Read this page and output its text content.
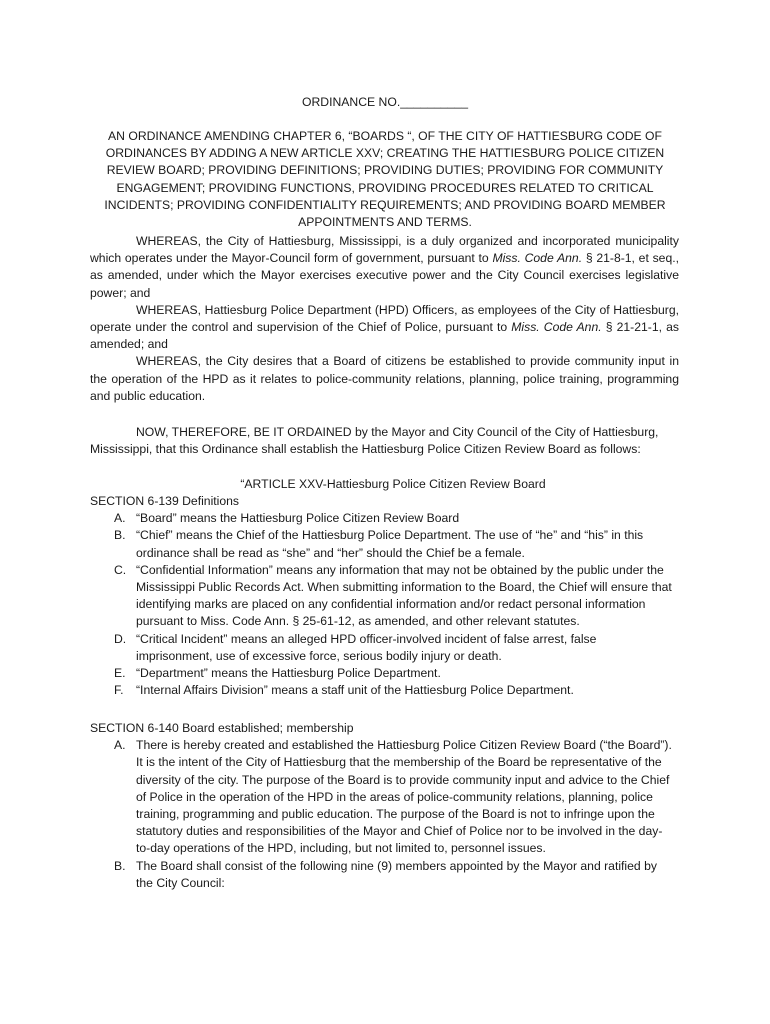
ORDINANCE NO.__________
AN ORDINANCE AMENDING CHAPTER 6, “BOARDS “, OF THE CITY OF HATTIESBURG CODE OF ORDINANCES BY ADDING A NEW ARTICLE XXV; CREATING THE HATTIESBURG POLICE CITIZEN REVIEW BOARD; PROVIDING DEFINITIONS; PROVIDING DUTIES; PROVIDING FOR COMMUNITY ENGAGEMENT; PROVIDING FUNCTIONS, PROVIDING PROCEDURES RELATED TO CRITICAL INCIDENTS; PROVIDING CONFIDENTIALITY REQUIREMENTS; AND PROVIDING BOARD MEMBER APPOINTMENTS AND TERMS.

WHEREAS, the City of Hattiesburg, Mississippi, is a duly organized and incorporated municipality which operates under the Mayor-Council form of government, pursuant to Miss. Code Ann. § 21-8-1, et seq., as amended, under which the Mayor exercises executive power and the City Council exercises legislative power; and

WHEREAS, Hattiesburg Police Department (HPD) Officers, as employees of the City of Hattiesburg, operate under the control and supervision of the Chief of Police, pursuant to Miss. Code Ann. § 21-21-1, as amended; and

WHEREAS, the City desires that a Board of citizens be established to provide community input in the operation of the HPD as it relates to police-community relations, planning, police training, programming and public education.

NOW, THEREFORE, BE IT ORDAINED by the Mayor and City Council of the City of Hattiesburg, Mississippi, that this Ordinance shall establish the Hattiesburg Police Citizen Review Board as follows:
“ARTICLE XXV-Hattiesburg Police Citizen Review Board
SECTION 6-139 Definitions
A. “Board” means the Hattiesburg Police Citizen Review Board
B. “Chief” means the Chief of the Hattiesburg Police Department. The use of “he” and “his” in this ordinance shall be read as “she” and “her” should the Chief be a female.
C. “Confidential Information” means any information that may not be obtained by the public under the Mississippi Public Records Act. When submitting information to the Board, the Chief will ensure that identifying marks are placed on any confidential information and/or redact personal information pursuant to Miss. Code Ann. § 25-61-12, as amended, and other relevant statutes.
D. “Critical Incident” means an alleged HPD officer-involved incident of false arrest, false imprisonment, use of excessive force, serious bodily injury or death.
E. “Department” means the Hattiesburg Police Department.
F.	“Internal Affairs Division” means a staff unit of the Hattiesburg Police Department.
SECTION 6-140 Board established; membership
A. There is hereby created and established the Hattiesburg Police Citizen Review Board (“the Board”). It is the intent of the City of Hattiesburg that the membership of the Board be representative of the diversity of the city. The purpose of the Board is to provide community input and advice to the Chief of Police in the operation of the HPD in the areas of police-community relations, planning, police training, programming and public education. The purpose of the Board is not to infringe upon the statutory duties and responsibilities of the Mayor and Chief of Police nor to be involved in the day-to-day operations of the HPD, including, but not limited to, personnel issues.
B. The Board shall consist of the following nine (9) members appointed by the Mayor and ratified by the City Council:
